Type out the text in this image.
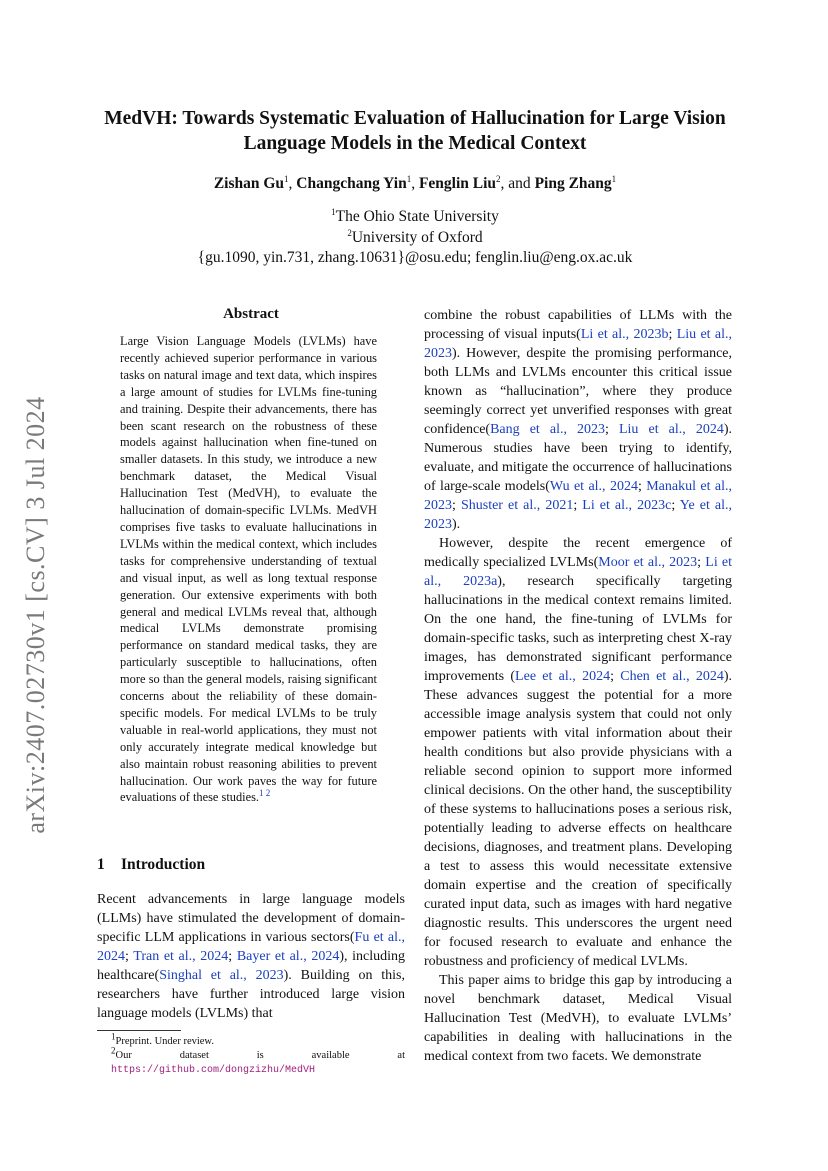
arXiv:2407.02730v1 [cs.CV] 3 Jul 2024
MedVH: Towards Systematic Evaluation of Hallucination for Large Vision Language Models in the Medical Context
Zishan Gu$^1$, Changchang Yin$^1$, Fenglin Liu$^2$, and Ping Zhang$^1$
$^1$The Ohio State University
$^2$University of Oxford
{gu.1090, yin.731, zhang.10631}@osu.edu; fenglin.liu@eng.ox.ac.uk
Abstract

Large Vision Language Models (LVLMs) have recently achieved superior performance in various tasks on natural image and text data, which inspires a large amount of studies for LVLMs fine-tuning and training. Despite their advancements, there has been scant research on the robustness of these models against hallucination when fine-tuned on smaller datasets. In this study, we introduce a new benchmark dataset, the Medical Visual Hallucination Test (MedVH), to evaluate the hallucination of domain-specific LVLMs. MedVH comprises five tasks to evaluate hallucinations in LVLMs within the medical context, which includes tasks for comprehensive understanding of textual and visual input, as well as long textual response generation. Our extensive experiments with both general and medical LVLMs reveal that, although medical LVLMs demonstrate promising performance on standard medical tasks, they are particularly susceptible to hallucinations, often more so than the general models, raising significant concerns about the reliability of these domain-specific models. For medical LVLMs to be truly valuable in real-world applications, they must not only accurately integrate medical knowledge but also maintain robust reasoning abilities to prevent hallucination. Our work paves the way for future evaluations of these studies.$^{1 2}$

1 Introduction

Recent advancements in large language models (LLMs) have stimulated the development of domain-specific LLM applications in various sectors(Fu et al., 2024; Tran et al., 2024; Bayer et al., 2024), including healthcare(Singhal et al., 2023). Building on this, researchers have further introduced large vision language models (LVLMs) that

$^1$Preprint. Under review.

$^2$Our dataset is available at https://github.com/dongzizhu/MedVH

combine the robust capabilities of LLMs with the processing of visual inputs(Li et al., 2023b; Liu et al., 2023). However, despite the promising performance, both LLMs and LVLMs encounter this critical issue known as “hallucination”, where they produce seemingly correct yet unverified responses with great confidence(Bang et al., 2023; Liu et al., 2024). Numerous studies have been trying to identify, evaluate, and mitigate the occurrence of hallucinations of large-scale models(Wu et al., 2024; Manakul et al., 2023; Shuster et al., 2021; Li et al., 2023c; Ye et al., 2023).

However, despite the recent emergence of medically specialized LVLMs(Moor et al., 2023; Li et al., 2023a), research specifically targeting hallucinations in the medical context remains limited. On the one hand, the fine-tuning of LVLMs for domain-specific tasks, such as interpreting chest X-ray images, has demonstrated significant performance improvements (Lee et al., 2024; Chen et al., 2024). These advances suggest the potential for a more accessible image analysis system that could not only empower patients with vital information about their health conditions but also provide physicians with a reliable second opinion to support more informed clinical decisions. On the other hand, the susceptibility of these systems to hallucinations poses a serious risk, potentially leading to adverse effects on healthcare decisions, diagnoses, and treatment plans. Developing a test to assess this would necessitate extensive domain expertise and the creation of specifically curated input data, such as images with hard negative diagnostic results. This underscores the urgent need for focused research to evaluate and enhance the robustness and proficiency of medical LVLMs.

This paper aims to bridge this gap by introducing a novel benchmark dataset, Medical Visual Hallucination Test (MedVH), to evaluate LVLMs’ capabilities in dealing with hallucinations in the medical context from two facets. We demonstrate
